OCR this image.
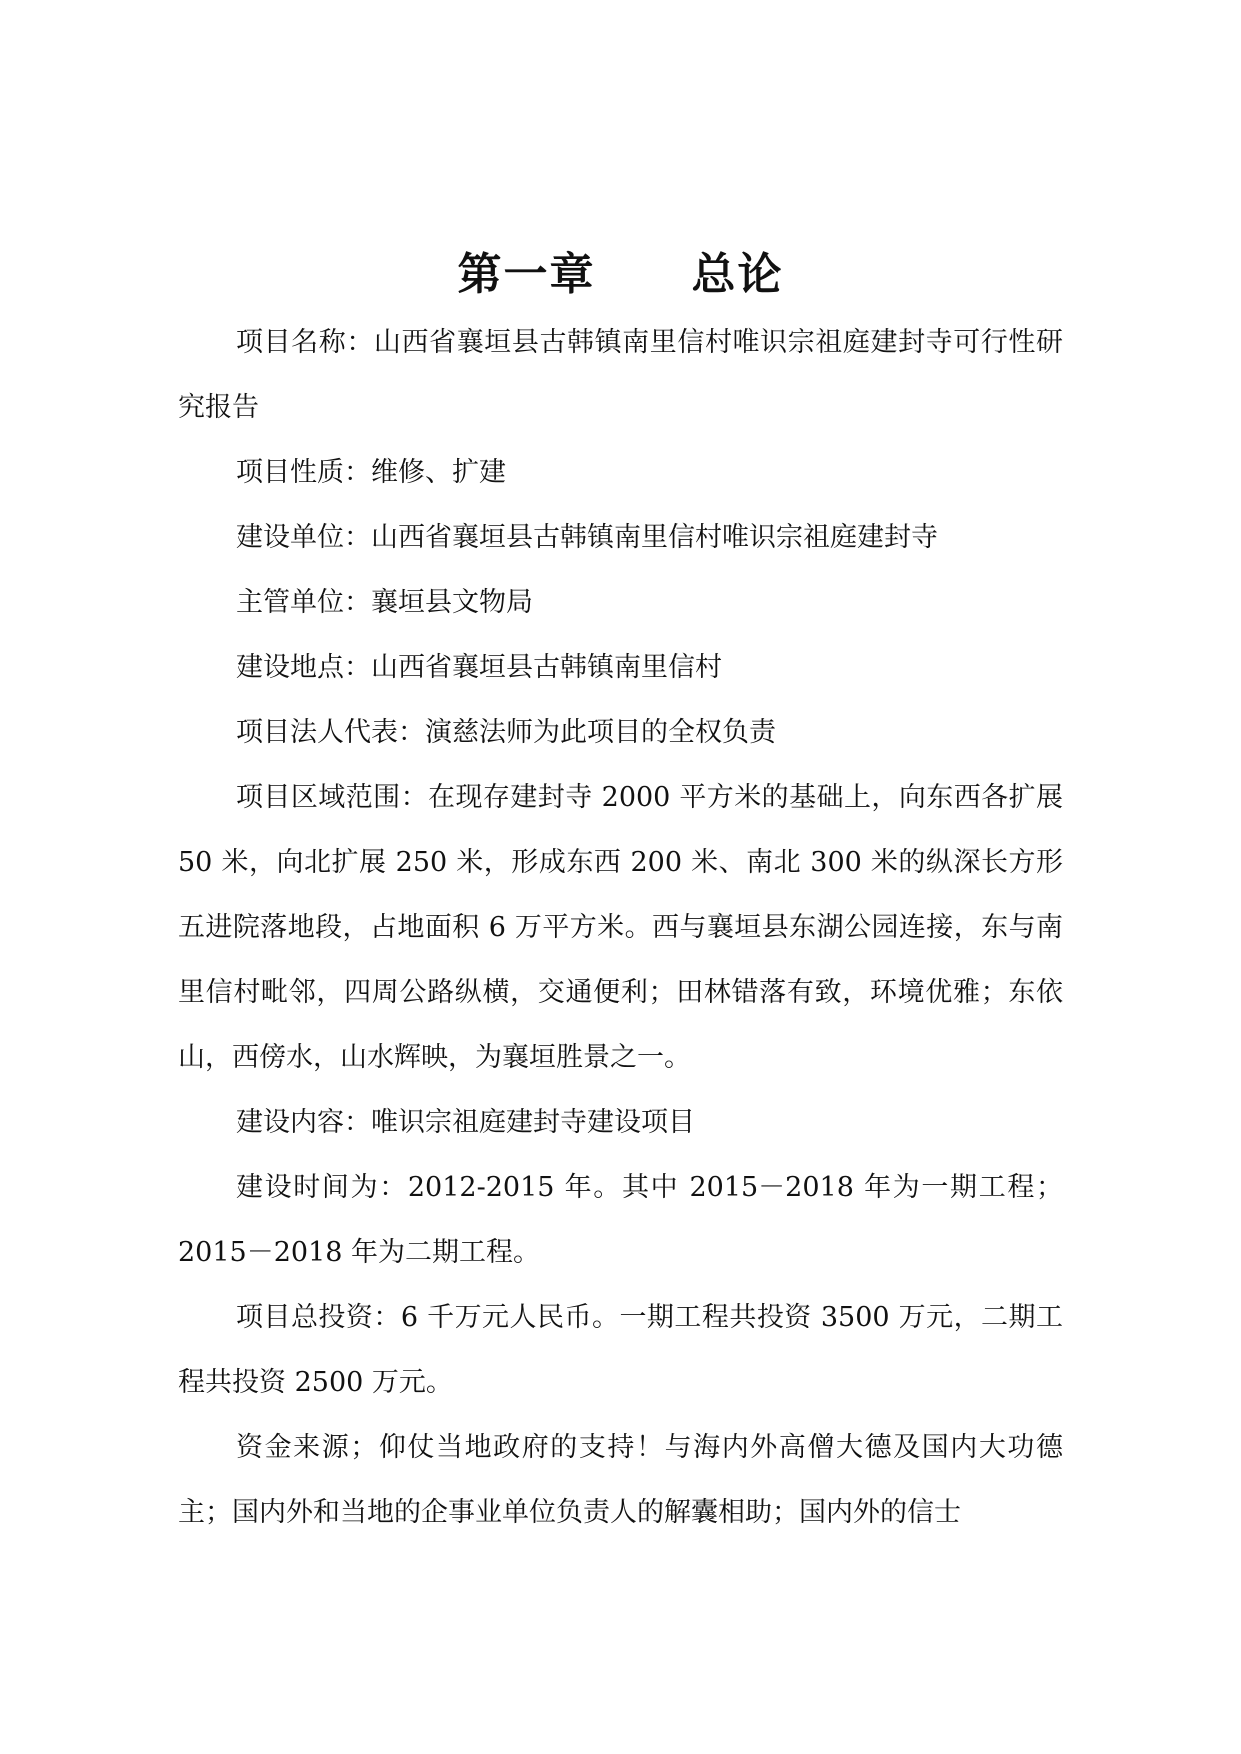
第一章 总论

项目名称：山西省襄垣县古韩镇南里信村唯识宗祖庭建封寺可行性研究报告

项目性质：维修、扩建

建设单位：山西省襄垣县古韩镇南里信村唯识宗祖庭建封寺

主管单位：襄垣县文物局

建设地点：山西省襄垣县古韩镇南里信村

项目法人代表：演慈法师为此项目的全权负责

项目区域范围：在现存建封寺 2000 平方米的基础上，向东西各扩展 50 米，向北扩展 250 米，形成东西 200 米、南北 300 米的纵深长方形五进院落地段，占地面积 6 万平方米。西与襄垣县东湖公园连接，东与南里信村毗邻，四周公路纵横，交通便利；田林错落有致，环境优雅；东依山，西傍水，山水辉映，为襄垣胜景之一。

建设内容：唯识宗祖庭建封寺建设项目

建设时间为：2012-2015 年。其中 2015－2018 年为一期工程；2015－2018 年为二期工程。

项目总投资：6 千万元人民币。一期工程共投资 3500 万元，二期工程共投资 2500 万元。

资金来源；仰仗当地政府的支持！与海内外高僧大德及国内大功德主；国内外和当地的企事业单位负责人的解囊相助；国内外的信士
